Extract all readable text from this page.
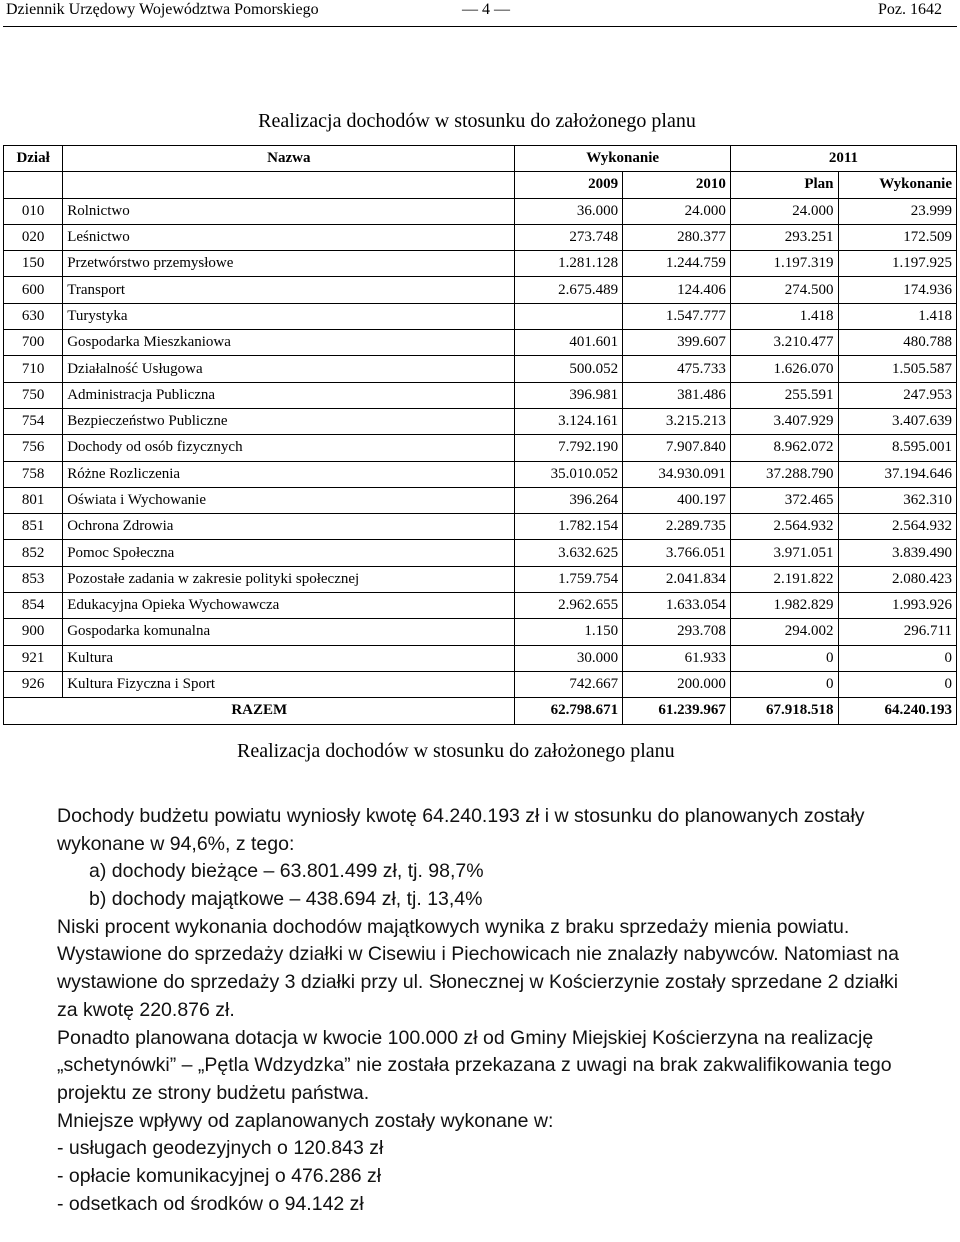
Dziennik Urzędowy Województwa Pomorskiego	— 4 —	Poz. 1642
Realizacja dochodów w stosunku do założonego planu
Dział	Nazwa	Wykonanie		2011	
		2009	2010	Plan	Wykonanie
010	Rolnictwo	36.000	24.000	24.000	23.999
020	Leśnictwo	273.748	280.377	293.251	172.509
150	Przetwórstwo przemysłowe	1.281.128	1.244.759	1.197.319	1.197.925
600	Transport	2.675.489	124.406	274.500	174.936
630	Turystyka		1.547.777	1.418	1.418
700	Gospodarka Mieszkaniowa	401.601	399.607	3.210.477	480.788
710	Działalność Usługowa	500.052	475.733	1.626.070	1.505.587
750	Administracja Publiczna	396.981	381.486	255.591	247.953
754	Bezpieczeństwo Publiczne	3.124.161	3.215.213	3.407.929	3.407.639
756	Dochody od osób fizycznych	7.792.190	7.907.840	8.962.072	8.595.001
758	Różne Rozliczenia	35.010.052	34.930.091	37.288.790	37.194.646
801	Oświata i Wychowanie	396.264	400.197	372.465	362.310
851	Ochrona Zdrowia	1.782.154	2.289.735	2.564.932	2.564.932
852	Pomoc Społeczna	3.632.625	3.766.051	3.971.051	3.839.490
853	Pozostałe zadania w zakresie polityki społecznej	1.759.754	2.041.834	2.191.822	2.080.423
854	Edukacyjna Opieka Wychowawcza	2.962.655	1.633.054	1.982.829	1.993.926
900	Gospodarka komunalna	1.150	293.708	294.002	296.711
921	Kultura	30.000	61.933	0	0
926	Kultura Fizyczna i Sport	742.667	200.000	0	0
RAZEM		62.798.671	61.239.967	67.918.518	64.240.193
Realizacja dochodów w stosunku do założonego planu
Dochody budżetu powiatu wyniosły kwotę 64.240.193 zł i w stosunku do planowanych zostały
wykonane w 94,6%, z tego:
a) dochody bieżące – 63.801.499 zł, tj. 98,7%
b) dochody majątkowe – 438.694 zł, tj. 13,4%
Niski procent wykonania dochodów majątkowych wynika z braku sprzedaży mienia powiatu.
Wystawione do sprzedaży działki w Cisewiu i Piechowicach nie znalazły nabywców. Natomiast na
wystawione do sprzedaży 3 działki przy ul. Słonecznej w Kościerzynie zostały sprzedane 2 działki
za kwotę 220.876 zł.
Ponadto planowana dotacja w kwocie 100.000 zł od Gminy Miejskiej Kościerzyna na realizację
„schetynówki” – „Pętla Wdzydzka” nie została przekazana z uwagi na brak zakwalifikowania tego
projektu ze strony budżetu państwa.
Mniejsze wpływy od zaplanowanych zostały wykonane w:
- usługach geodezyjnych o 120.843 zł
- opłacie komunikacyjnej o 476.286 zł
- odsetkach od środków o 94.142 zł
